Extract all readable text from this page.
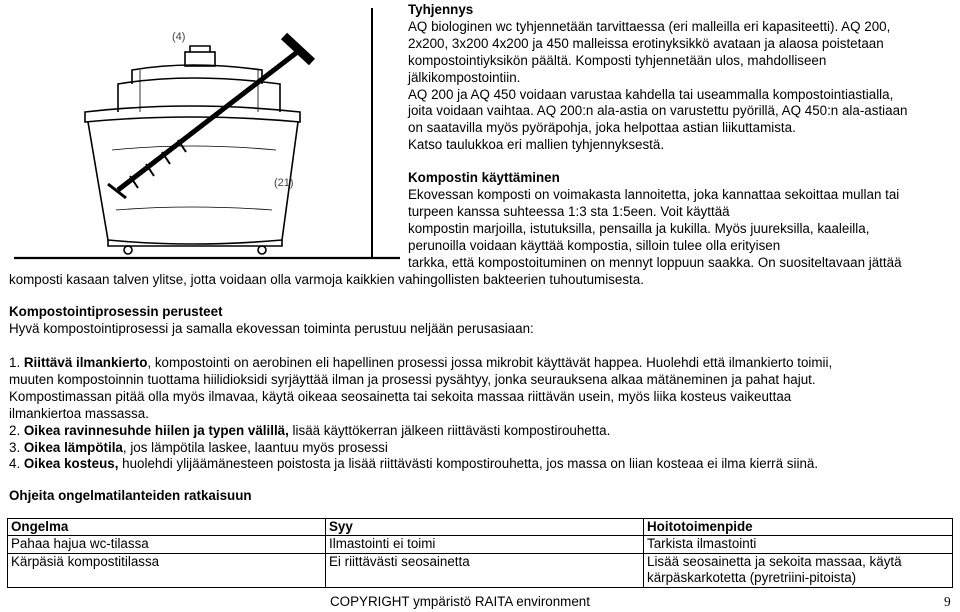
(4)
(21)
Tyhjennys
AQ biologinen wc tyhjennetään tarvittaessa (eri malleilla eri kapasiteetti). AQ 200,
2x200, 3x200 4x200 ja 450 malleissa erotinyksikkö avataan ja alaosa poistetaan
kompostointiyksikön päältä. Komposti tyhjennetään ulos, mahdolliseen
jälkikompostointiin.
AQ 200 ja AQ 450 voidaan varustaa kahdella tai useammalla kompostointiastialla,
joita voidaan vaihtaa. AQ 200:n ala-astia on varustettu pyörillä, AQ 450:n ala-astiaan
on saatavilla myös pyöräpohja, joka helpottaa astian liikuttamista.
Katso taulukkoa eri mallien tyhjennyksestä.
Kompostin käyttäminen
Ekovessan komposti on voimakasta lannoitetta, joka kannattaa sekoittaa mullan tai
turpeen kanssa suhteessa 1:3 sta 1:5een. Voit käyttää
kompostin marjoilla, istutuksilla, pensailla ja kukilla. Myös juureksilla, kaaleilla,
perunoilla voidaan käyttää kompostia, silloin tulee olla erityisen
tarkka, että kompostoituminen on mennyt loppuun saakka. On suositeltavaan jättää
komposti kasaan talven ylitse, jotta voidaan olla varmoja kaikkien vahingollisten bakteerien tuhoutumisesta.
Kompostointiprosessin perusteet
Hyvä kompostointiprosessi ja samalla ekovessan toiminta perustuu neljään perusasiaan:
1. Riittävä ilmankierto, kompostointi on aerobinen eli hapellinen prosessi jossa mikrobit käyttävät happea. Huolehdi että ilmankierto toimii,
muuten kompostoinnin tuottama hiilidioksidi syrjäyttää ilman ja prosessi pysähtyy, jonka seurauksena alkaa mätäneminen ja pahat hajut.
Kompostimassan pitää olla myös ilmavaa, käytä oikeaa seosainetta tai sekoita massaa riittävän usein, myös liika kosteus vaikeuttaa
ilmankiertoa massassa.
2. Oikea ravinnesuhde hiilen ja typen välillä, lisää käyttökerran jälkeen riittävästi kompostirouhetta.
3. Oikea lämpötila, jos lämpötila laskee, laantuu myös prosessi
4. Oikea kosteus, huolehdi ylijäämänesteen poistosta ja lisää riittävästi kompostirouhetta, jos massa on liian kosteaa ei ilma kierrä siinä.
Ohjeita ongelmatilanteiden ratkaisuun
Ongelma	Syy	Hoitotoimenpide
Pahaa hajua wc-tilassa	Ilmastointi ei toimi	Tarkista ilmastointi
Kärpäsiä kompostitilassa	Ei riittävästi seosainetta	Lisää seosainetta ja sekoita massaa, käytä
kärpäskarkotetta (pyretriini-pitoista)
COPYRIGHT ympäristö RAITA environment	9
